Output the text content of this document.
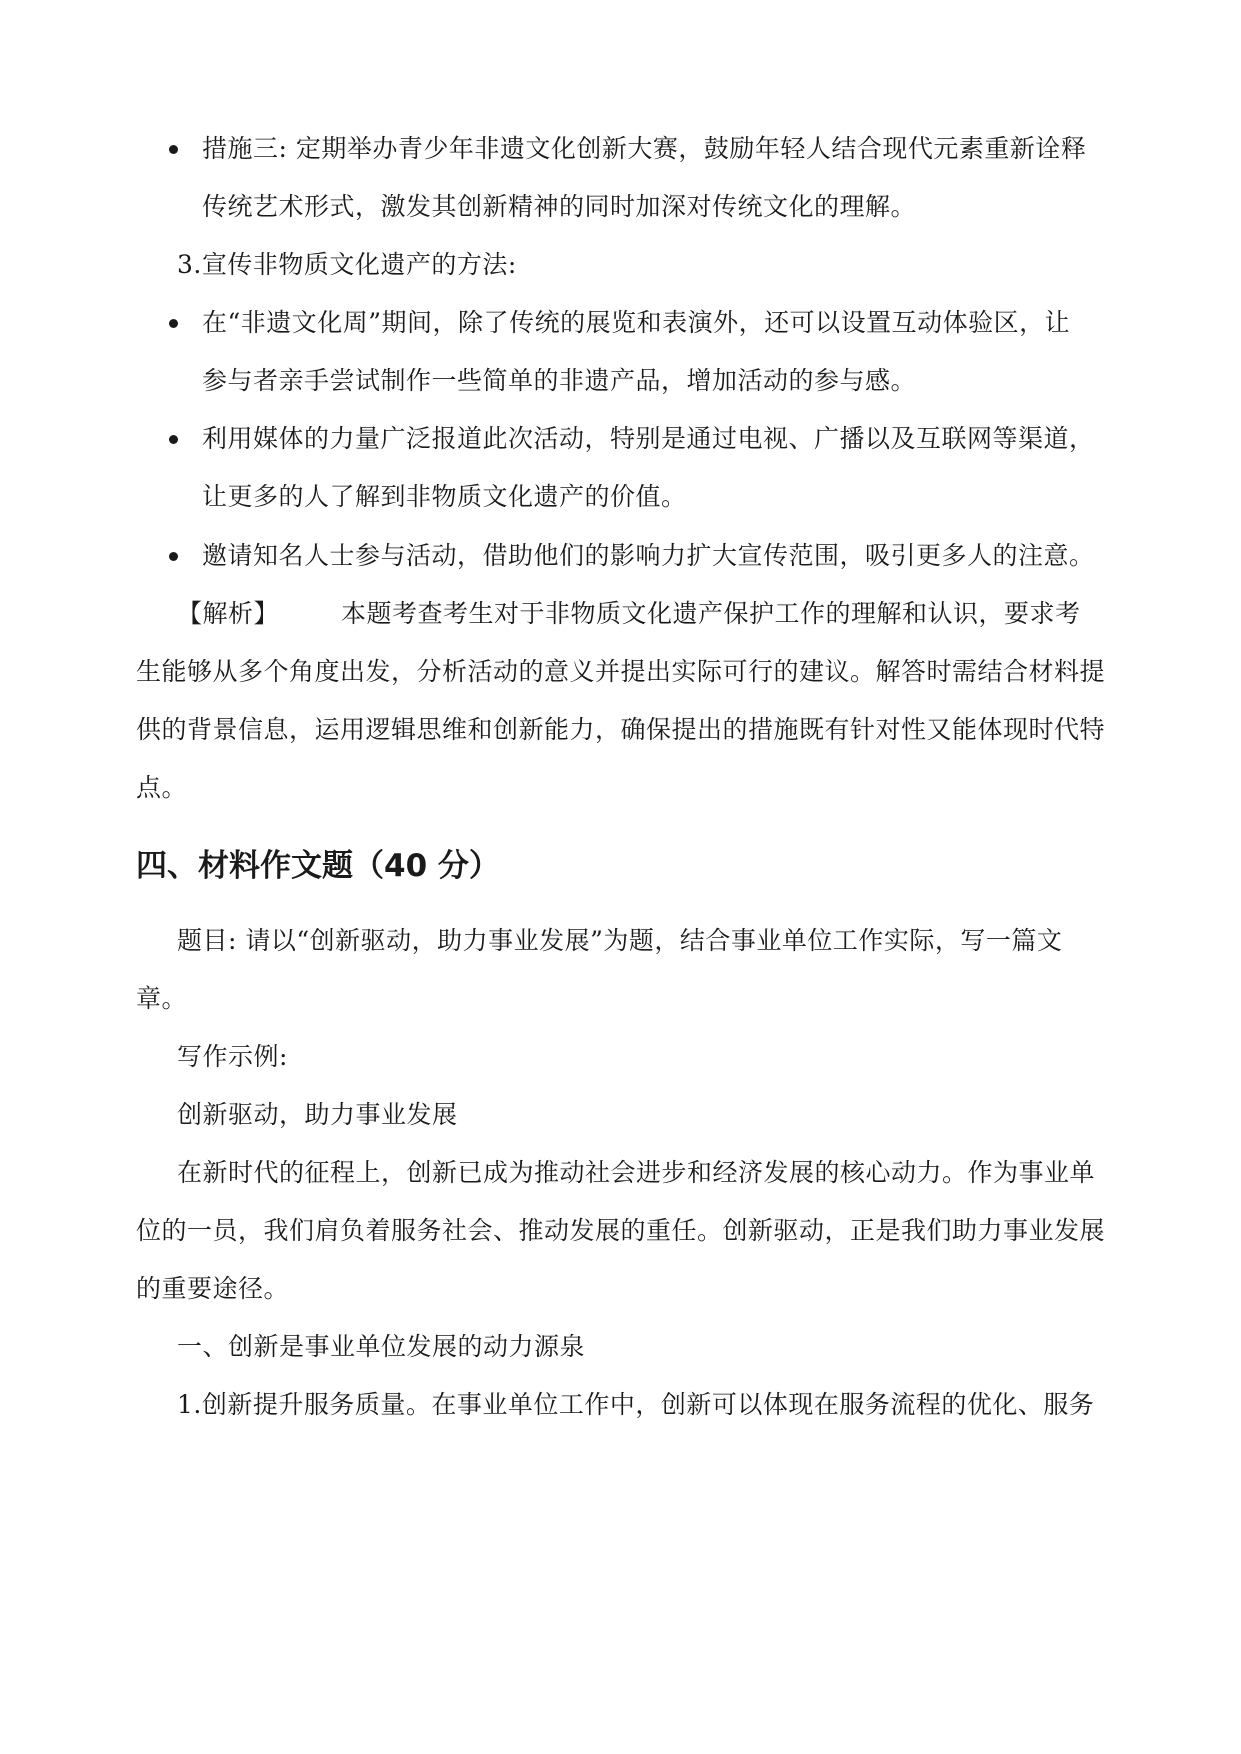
措施三: 定期举办青少年非遗文化创新大赛，鼓励年轻人结合现代元素重新诠释
传统艺术形式，激发其创新精神的同时加深对传统文化的理解。
3.宣传非物质文化遗产的方法:
在“非遗文化周”期间，除了传统的展览和表演外，还可以设置互动体验区，让
参与者亲手尝试制作一些简单的非遗产品，增加活动的参与感。
利用媒体的力量广泛报道此次活动，特别是通过电视、广播以及互联网等渠道，
让更多的人了解到非物质文化遗产的价值。
邀请知名人士参与活动，借助他们的影响力扩大宣传范围，吸引更多人的注意。
【解析】 本题考查考生对于非物质文化遗产保护工作的理解和认识，要求考
生能够从多个角度出发，分析活动的意义并提出实际可行的建议。解答时需结合材料提
供的背景信息，运用逻辑思维和创新能力，确保提出的措施既有针对性又能体现时代特
点。
四、材料作文题（40 分）
题目: 请以“创新驱动，助力事业发展”为题，结合事业单位工作实际，写一篇文
章。
写作示例:
创新驱动，助力事业发展
在新时代的征程上，创新已成为推动社会进步和经济发展的核心动力。作为事业单
位的一员，我们肩负着服务社会、推动发展的重任。创新驱动，正是我们助力事业发展
的重要途径。
一、创新是事业单位发展的动力源泉
1.创新提升服务质量。在事业单位工作中，创新可以体现在服务流程的优化、服务
